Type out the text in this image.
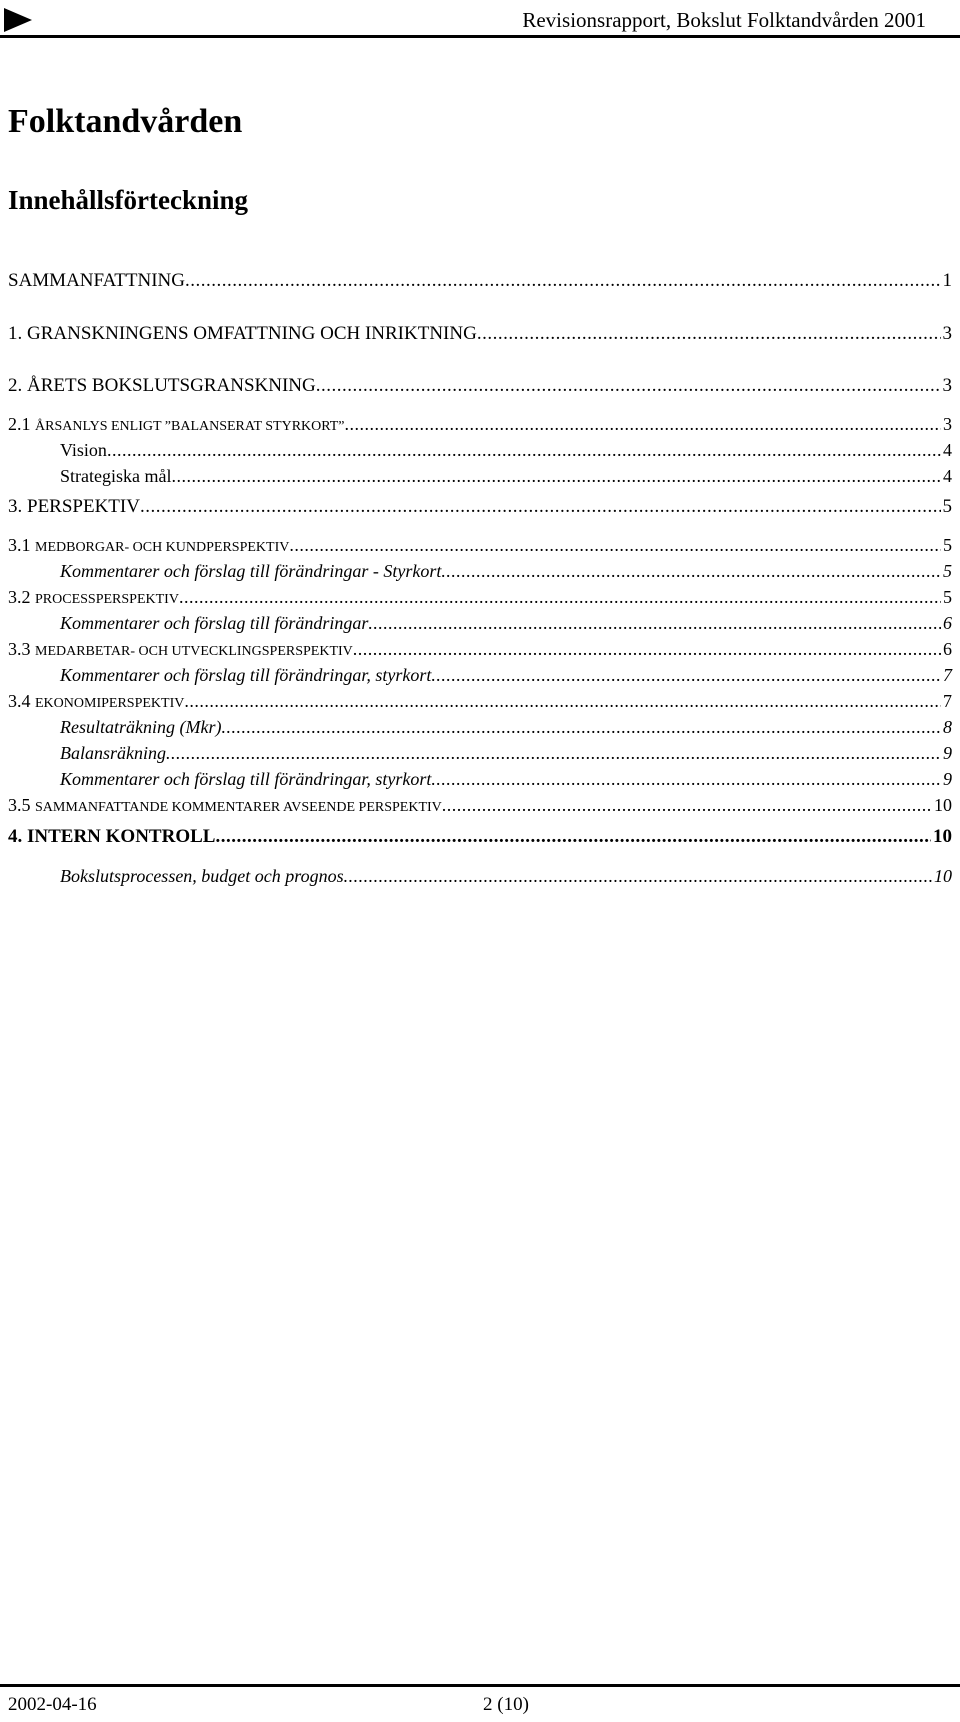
Revisionsrapport, Bokslut Folktandvården 2001
Folktandvården
Innehållsförteckning
SAMMANFATTNING .....	1
1. GRANSKNINGENS OMFATTNING OCH INRIKTNING .....	3
2. ÅRETS BOKSLUTSGRANSKNING .....	3
2.1 ÅRSANLYS ENLIGT ”BALANSERAT STYRKORT” .....	3
Vision .....	4
Strategiska mål .....	4
3. PERSPEKTIV .....	5
3.1 MEDBORGAR- OCH KUNDPERSPEKTIV .....	5
Kommentarer och förslag till förändringar - Styrkort .....	5
3.2 PROCESSPERSPEKTIV .....	5
Kommentarer och förslag till förändringar .....	6
3.3 MEDARBETAR- OCH UTVECKLINGSPERSPEKTIV .....	6
Kommentarer och förslag till förändringar, styrkort .....	7
3.4 EKONOMIPERSPEKTIV .....	7
Resultaträkning (Mkr) .....	8
Balansräkning .....	9
Kommentarer och förslag till förändringar, styrkort .....	9
3.5 SAMMANFATTANDE KOMMENTARER AVSEENDE PERSPEKTIV .....	10
4. INTERN KONTROLL .....	10
Bokslutsprocessen, budget och prognos .....	10
2002-04-16	2 (10)
